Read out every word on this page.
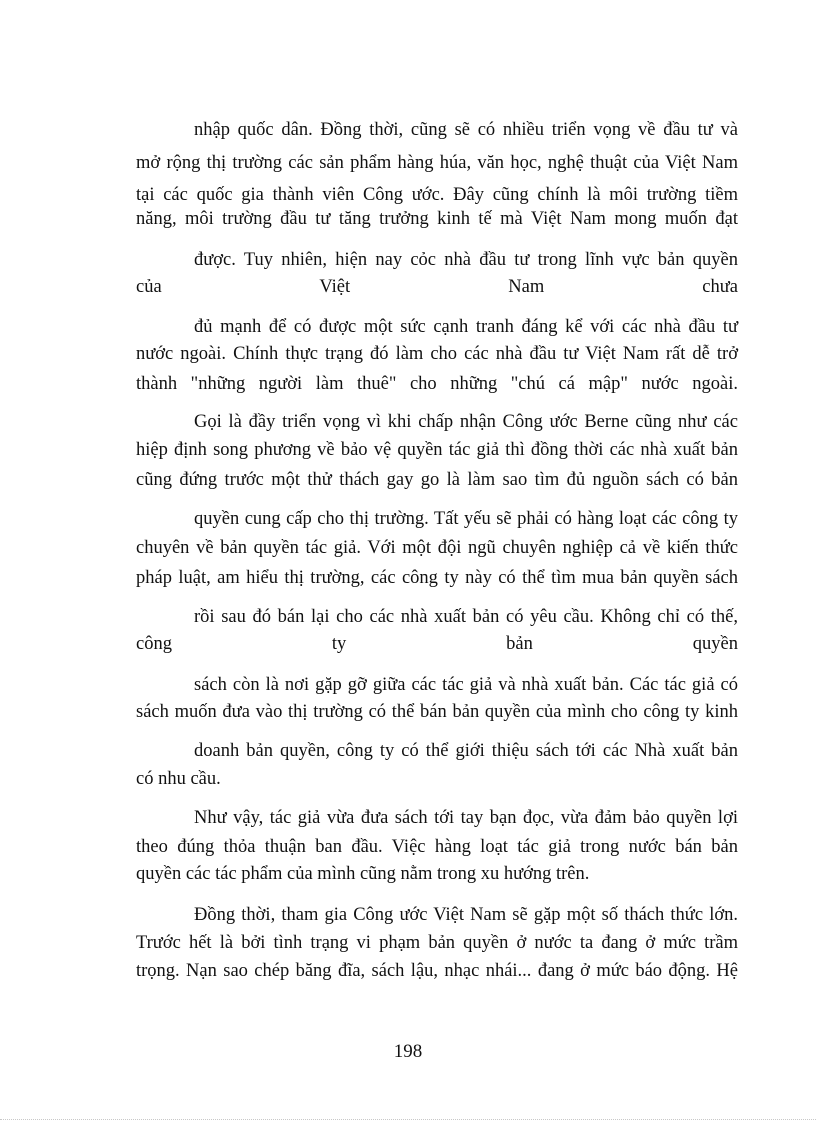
nhập quốc dân. Đồng thời, cũng sẽ có nhiều triển vọng về đầu tư và
mở rộng thị trường các sản phẩm hàng húa, văn học, nghệ thuật của Việt Nam
tại các quốc gia thành viên Công ước. Đây cũng chính là môi trường tiềm
năng, môi trường đầu tư tăng trưởng kinh tế mà Việt Nam mong muốn đạt
được. Tuy nhiên, hiện nay cỏc nhà đầu tư trong lĩnh vực bản quyền
của Việt Nam chưa
đủ mạnh để có được một sức cạnh tranh đáng kể với các nhà đầu tư
nước ngoài. Chính thực trạng đó làm cho các nhà đầu tư Việt Nam rất dễ trở
thành "những người làm thuê" cho những "chú cá mập" nước ngoài.
Gọi là đầy triển vọng vì khi chấp nhận Công ước Berne cũng như các
hiệp định song phương về bảo vệ quyền tác giả thì đồng thời các nhà xuất bản
cũng đứng trước một thử thách gay go là làm sao tìm đủ nguồn sách có bản
quyền cung cấp cho thị trường. Tất yếu sẽ phải có hàng loạt các công ty
chuyên về bản quyền tác giả. Với một đội ngũ chuyên nghiệp cả về kiến thức
pháp luật, am hiểu thị trường, các công ty này có thể tìm mua bản quyền sách
rồi sau đó bán lại cho các nhà xuất bản có yêu cầu. Không chỉ có thế,
công ty bản quyền
sách còn là nơi gặp gỡ giữa các tác giả và nhà xuất bản. Các tác giả có
sách muốn đưa vào thị trường có thể bán bản quyền của mình cho công ty kinh
doanh bản quyền, công ty có thể giới thiệu sách tới các Nhà xuất bản
có nhu cầu.
Như vậy, tác giả vừa đưa sách tới tay bạn đọc, vừa đảm bảo quyền lợi
theo đúng thỏa thuận ban đầu. Việc hàng loạt tác giả trong nước bán bản
quyền các tác phẩm của mình cũng nằm trong xu hướng trên.
Đồng thời, tham gia Công ước Việt Nam sẽ gặp một số thách thức lớn.
Trước hết là bởi tình trạng vi phạm bản quyền ở nước ta đang ở mức trầm
trọng. Nạn sao chép băng đĩa, sách lậu, nhạc nhái... đang ở mức báo động. Hệ
198
